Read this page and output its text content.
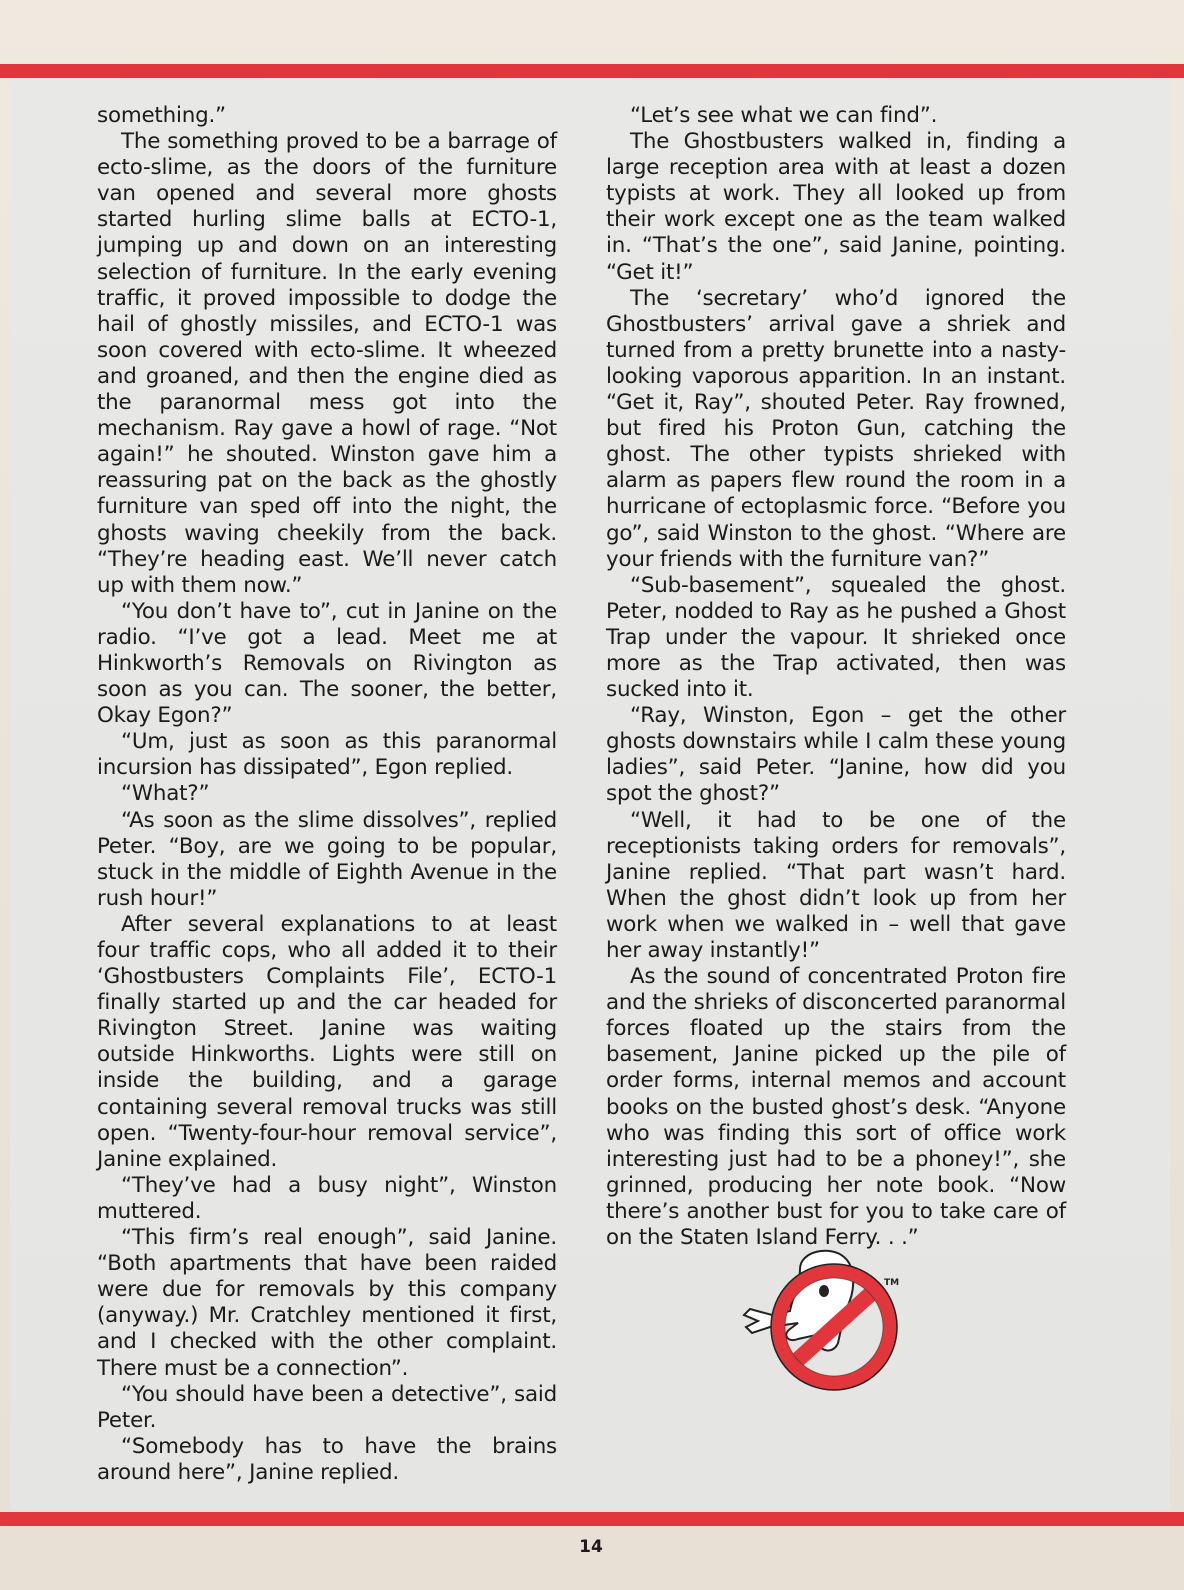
something.”

The something proved to be a barrage of ecto-slime, as the doors of the furniture van opened and several more ghosts started hurling slime balls at ECTO-1, jumping up and down on an interesting selection of furniture. In the early evening traffic, it proved impossible to dodge the hail of ghostly missiles, and ECTO-1 was soon covered with ecto-slime. It wheezed and groaned, and then the engine died as the paranormal mess got into the mechanism. Ray gave a howl of rage. “Not again!” he shouted. Winston gave him a reassuring pat on the back as the ghostly furniture van sped off into the night, the ghosts waving cheekily from the back. “They’re heading east. We’ll never catch up with them now.”

“You don’t have to”, cut in Janine on the radio. “I’ve got a lead. Meet me at Hinkworth’s Removals on Rivington as soon as you can. The sooner, the better, Okay Egon?”

“Um, just as soon as this paranormal incursion has dissipated”, Egon replied.

“What?”

“As soon as the slime dissolves”, replied Peter. “Boy, are we going to be popular, stuck in the middle of Eighth Avenue in the rush hour!”

After several explanations to at least four traffic cops, who all added it to their ‘Ghostbusters Complaints File’, ECTO-1 finally started up and the car headed for Rivington Street. Janine was waiting outside Hinkworths. Lights were still on inside the building, and a garage containing several removal trucks was still open. “Twenty-four-hour removal service”, Janine explained.

“They’ve had a busy night”, Winston muttered.

“This firm’s real enough”, said Janine. “Both apartments that have been raided were due for removals by this company (anyway.) Mr. Cratchley mentioned it first, and I checked with the other complaint. There must be a connection”.

“You should have been a detective”, said Peter.

“Somebody has to have the brains around here”, Janine replied.

“Let’s see what we can find”.

The Ghostbusters walked in, finding a large reception area with at least a dozen typists at work. They all looked up from their work except one as the team walked in. “That’s the one”, said Janine, pointing. “Get it!”

The ‘secretary’ who’d ignored the Ghostbusters’ arrival gave a shriek and turned from a pretty brunette into a nasty-looking vaporous apparition. In an instant. “Get it, Ray”, shouted Peter. Ray frowned, but fired his Proton Gun, catching the ghost. The other typists shrieked with alarm as papers flew round the room in a hurricane of ectoplasmic force. “Before you go”, said Winston to the ghost. “Where are your friends with the furniture van?”

“Sub-basement”, squealed the ghost. Peter, nodded to Ray as he pushed a Ghost Trap under the vapour. It shrieked once more as the Trap activated, then was sucked into it.

“Ray, Winston, Egon – get the other ghosts downstairs while I calm these young ladies”, said Peter. “Janine, how did you spot the ghost?”

“Well, it had to be one of the receptionists taking orders for removals”, Janine replied. “That part wasn’t hard. When the ghost didn’t look up from her work when we walked in – well that gave her away instantly!”

As the sound of concentrated Proton fire and the shrieks of disconcerted paranormal forces floated up the stairs from the basement, Janine picked up the pile of order forms, internal memos and account books on the busted ghost’s desk. “Anyone who was finding this sort of office work interesting just had to be a phoney!”, she grinned, producing her note book. “Now there’s another bust for you to take care of on the Staten Island Ferry. . .”

TM
14
